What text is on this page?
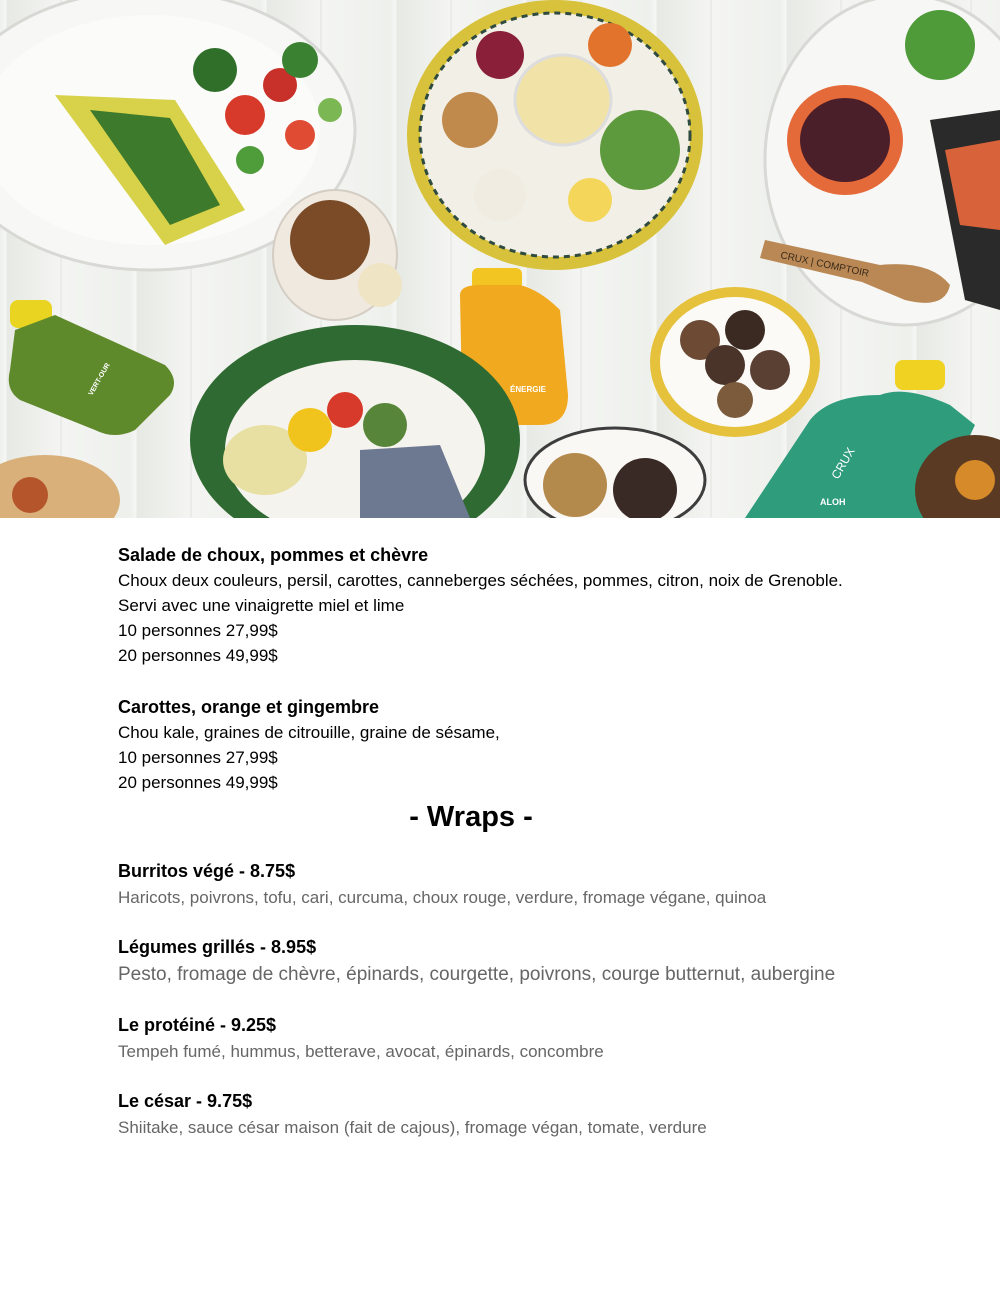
CRUX | COMPTOIR
ÉNERGIE
VERT-OUR
ALOH
CRUX

Salade de choux, pommes et chèvre

Choux deux couleurs, persil, carottes, canneberges séchées, pommes, citron, noix de Grenoble.

Servi avec une vinaigrette miel et lime

10 personnes 27,99$

20 personnes 49,99$

Carottes, orange et gingembre

Chou kale, graines de citrouille, graine de sésame,

10 personnes 27,99$

20 personnes 49,99$

- Wraps -

Burritos végé - 8.75$

Haricots, poivrons, tofu, cari, curcuma, choux rouge, verdure, fromage végane, quinoa

Légumes grillés - 8.95$

Pesto, fromage de chèvre, épinards, courgette, poivrons, courge butternut, aubergine

Le protéiné - 9.25$

Tempeh fumé, hummus, betterave, avocat, épinards, concombre

Le césar - 9.75$

Shiitake, sauce césar maison (fait de cajous), fromage végan, tomate, verdure
